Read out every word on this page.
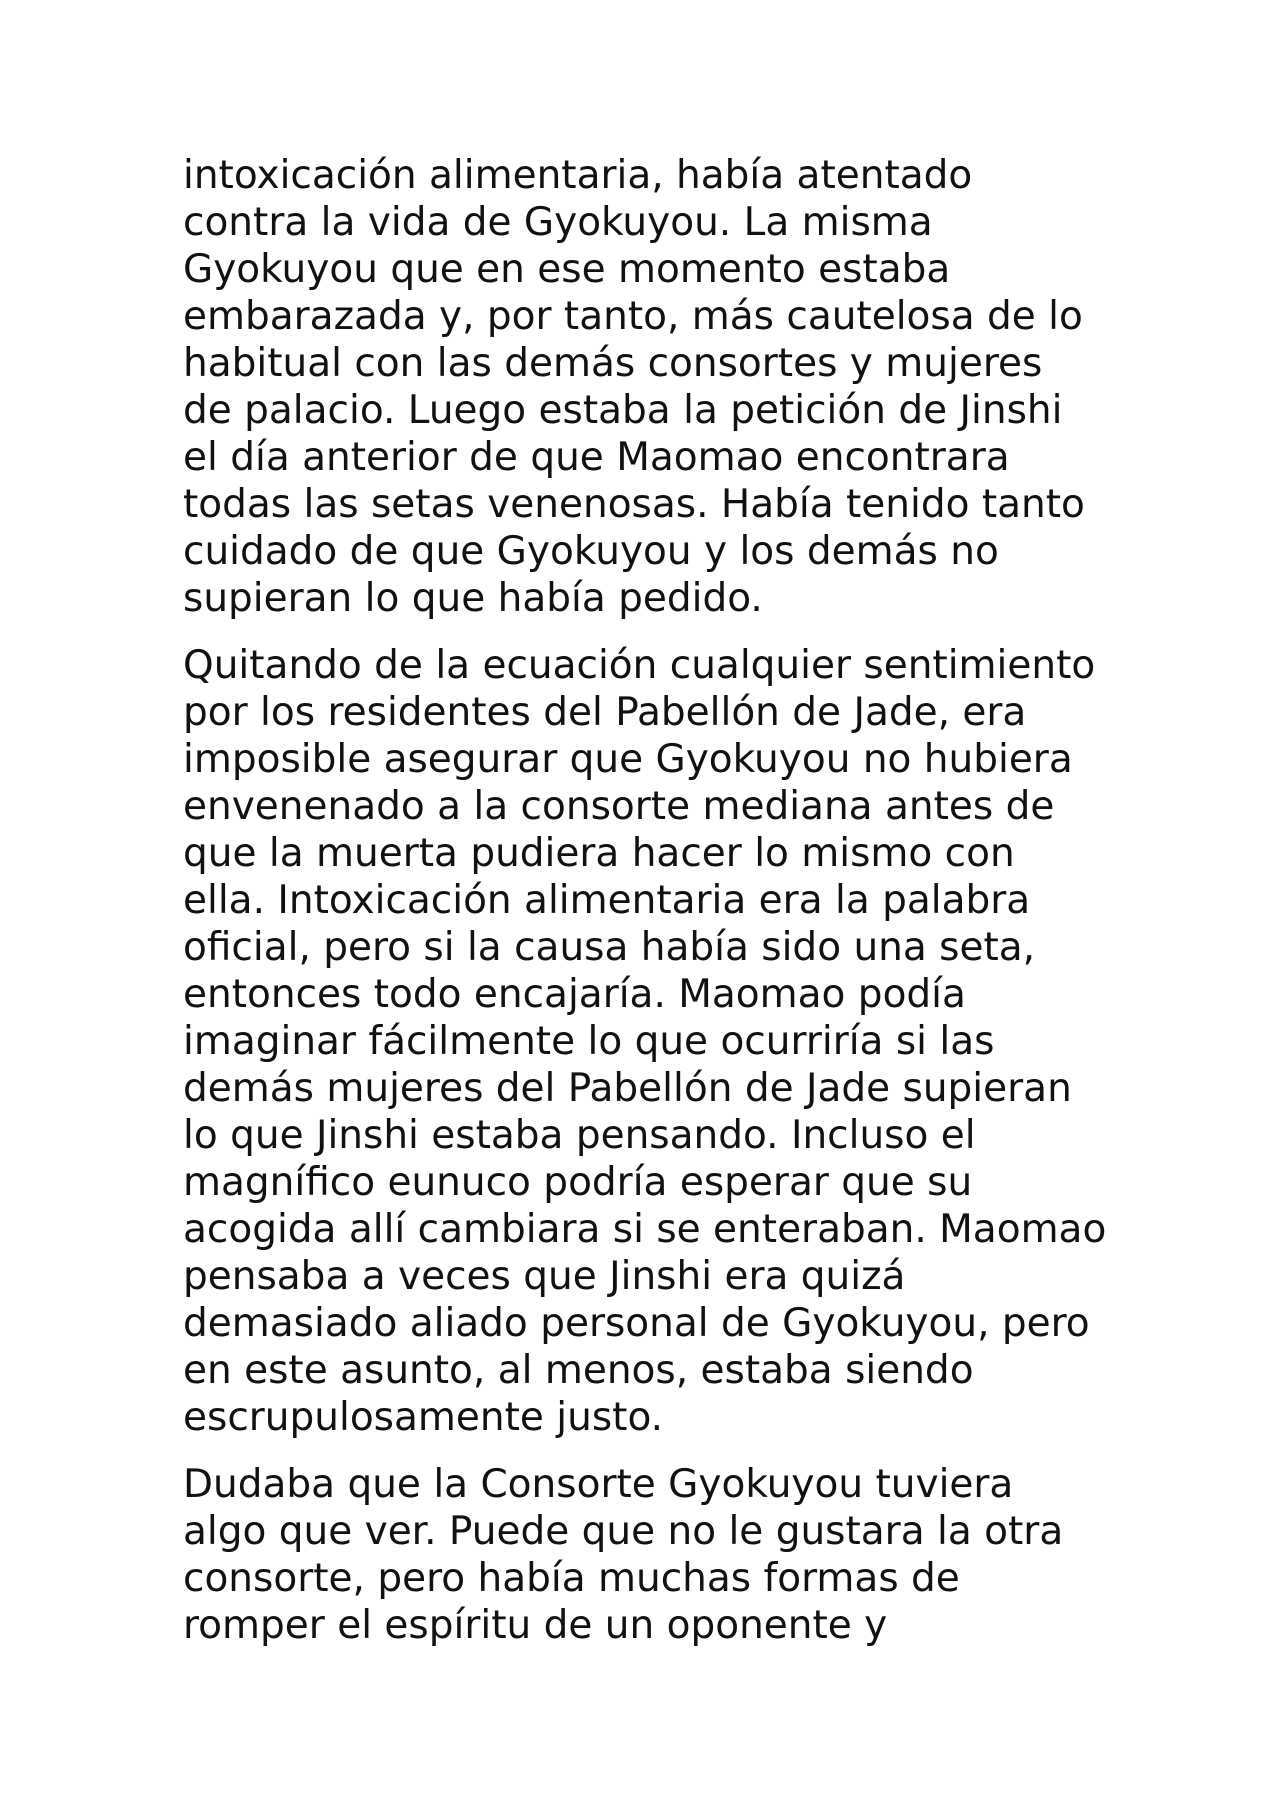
intoxicación alimentaria, había atentado
contra la vida de Gyokuyou. La misma
Gyokuyou que en ese momento estaba
embarazada y, por tanto, más cautelosa de lo
habitual con las demás consortes y mujeres
de palacio. Luego estaba la petición de Jinshi
el día anterior de que Maomao encontrara
todas las setas venenosas. Había tenido tanto
cuidado de que Gyokuyou y los demás no
supieran lo que había pedido.

Quitando de la ecuación cualquier sentimiento
por los residentes del Pabellón de Jade, era
imposible asegurar que Gyokuyou no hubiera
envenenado a la consorte mediana antes de
que la muerta pudiera hacer lo mismo con
ella. Intoxicación alimentaria era la palabra
oficial, pero si la causa había sido una seta,
entonces todo encajaría. Maomao podía
imaginar fácilmente lo que ocurriría si las
demás mujeres del Pabellón de Jade supieran
lo que Jinshi estaba pensando. Incluso el
magnífico eunuco podría esperar que su
acogida allí cambiara si se enteraban. Maomao
pensaba a veces que Jinshi era quizá
demasiado aliado personal de Gyokuyou, pero
en este asunto, al menos, estaba siendo
escrupulosamente justo.

Dudaba que la Consorte Gyokuyou tuviera
algo que ver. Puede que no le gustara la otra
consorte, pero había muchas formas de
romper el espíritu de un oponente y
